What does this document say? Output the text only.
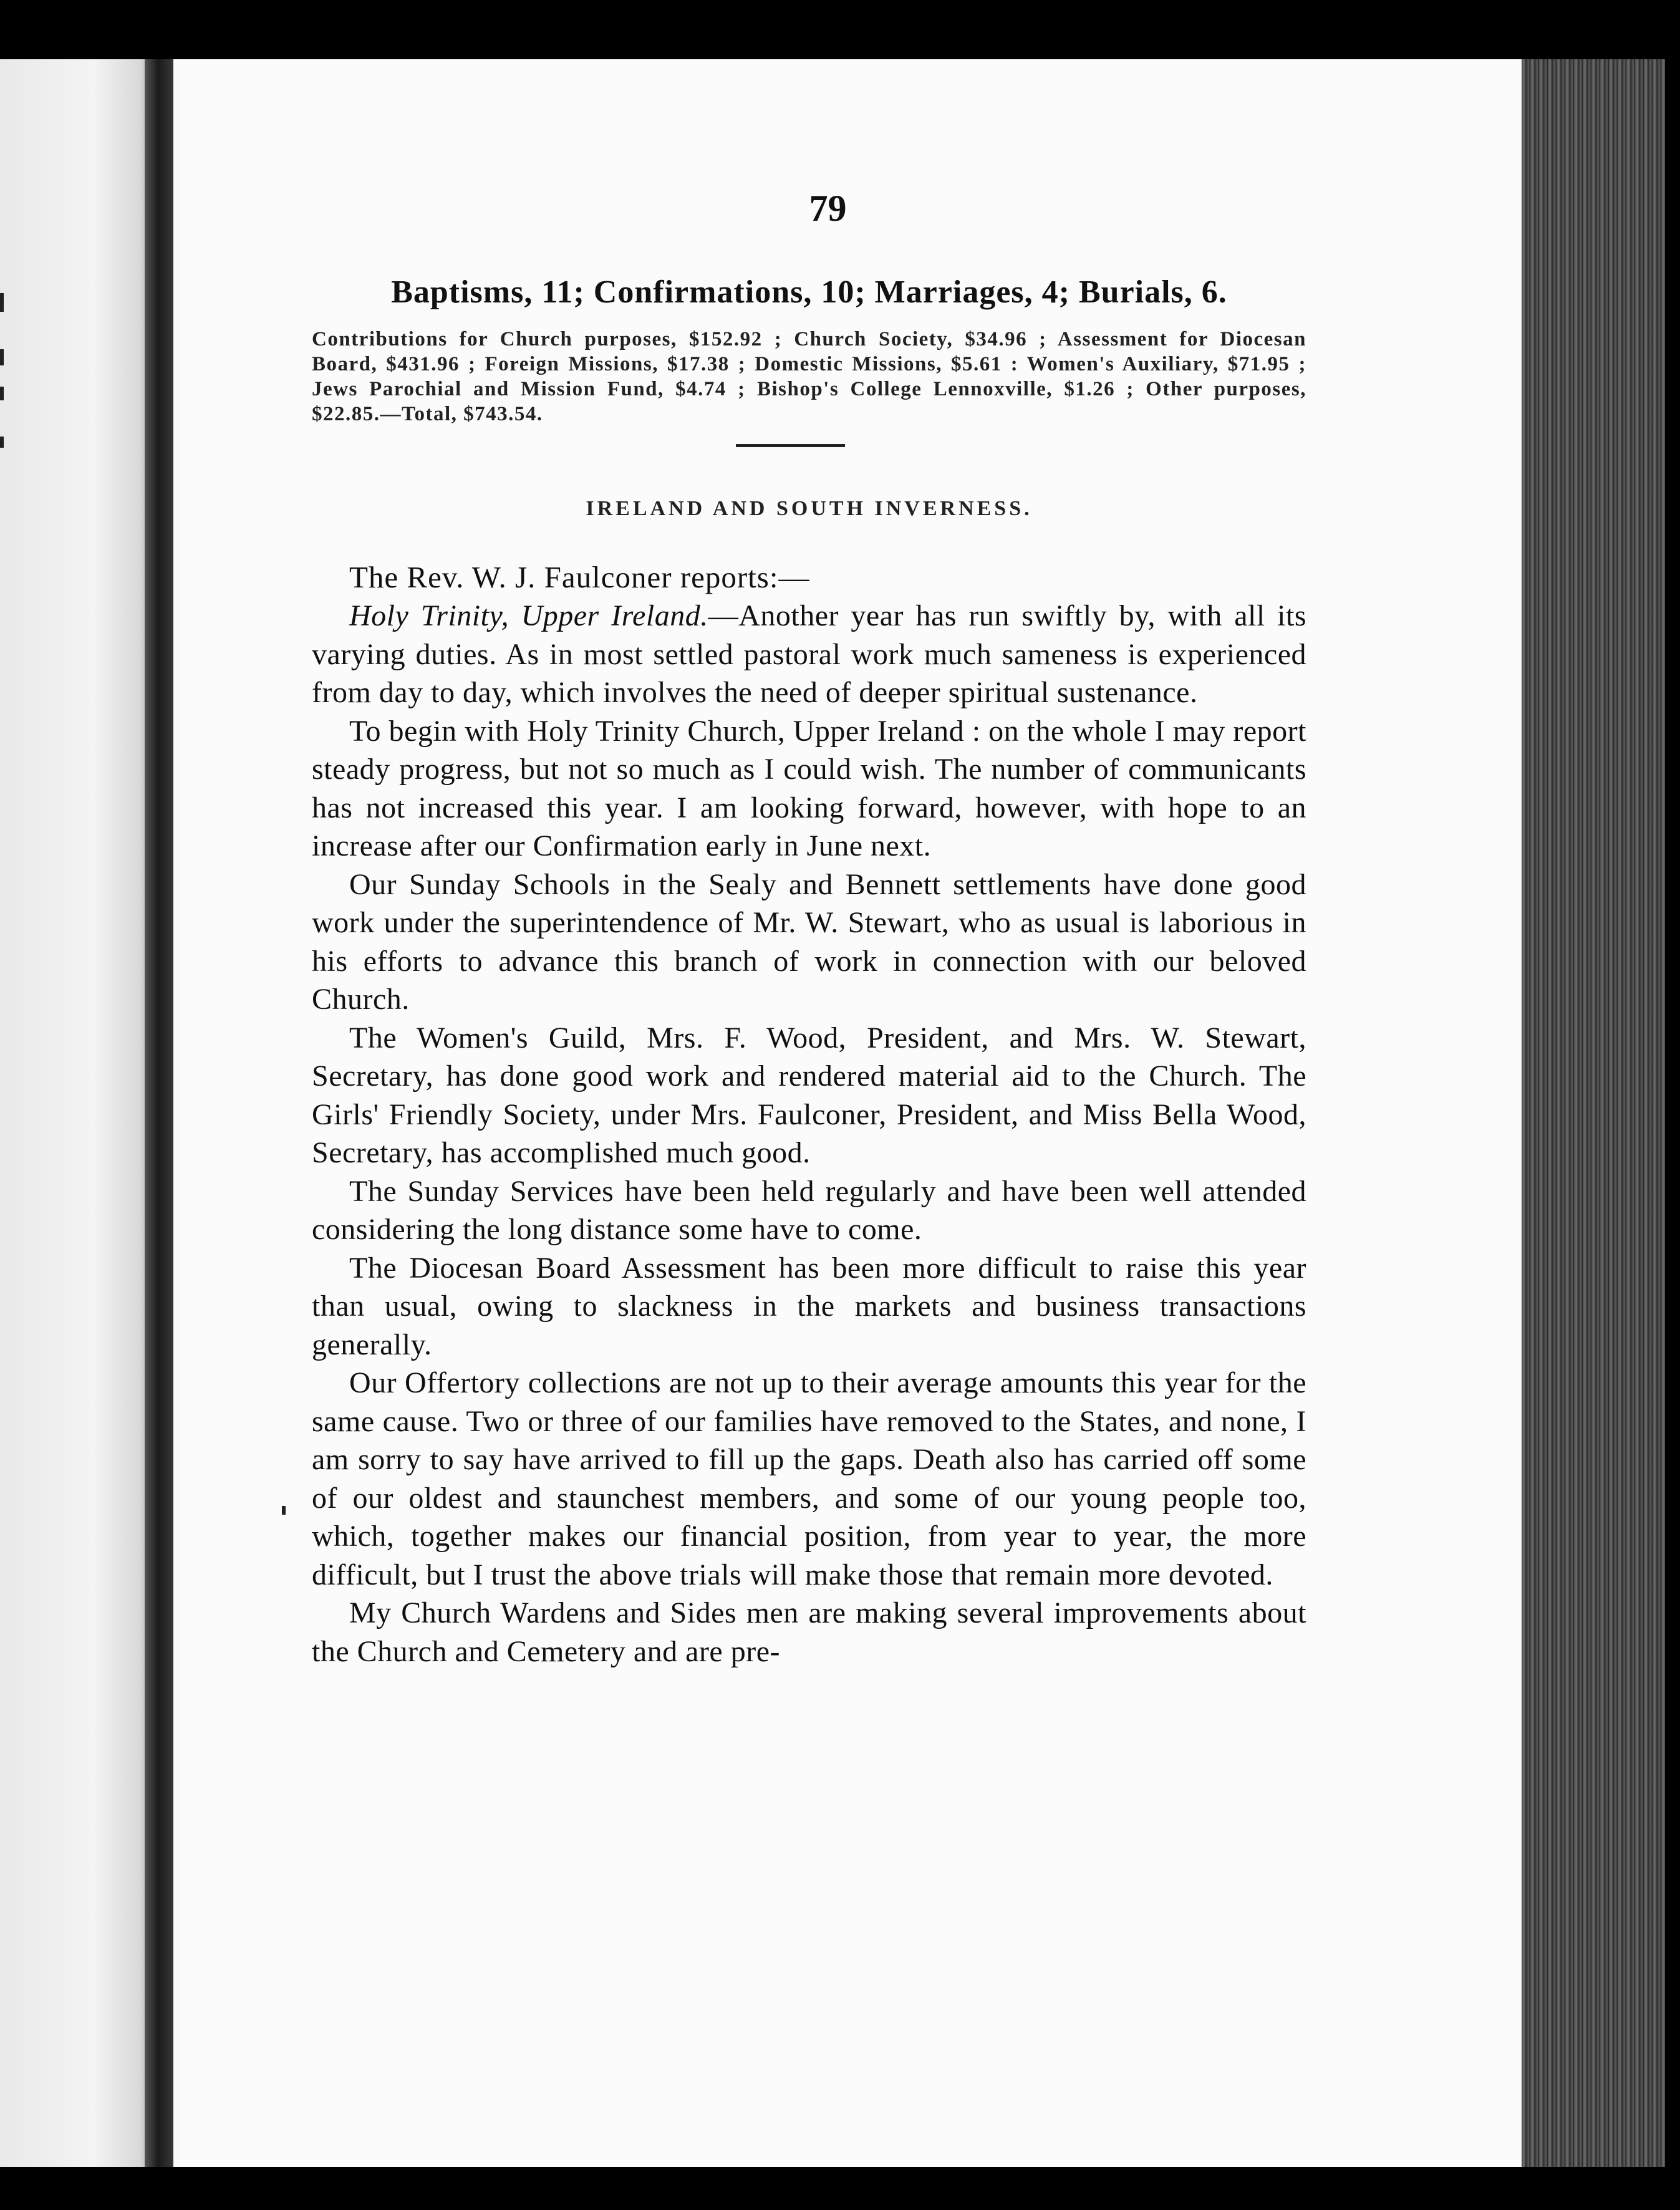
79
Baptisms, 11; Confirmations, 10; Marriages, 4; Burials, 6.

Contributions for Church purposes, $152.92 ; Church Society, $34.96 ; Assessment for Diocesan Board, $431.96 ; Foreign Missions, $17.38 ; Domestic Missions, $5.61 : Women's Auxiliary, $71.95 ; Jews Parochial and Mission Fund, $4.74 ; Bishop's College Lennoxville, $1.26 ; Other purposes, $22.85.—Total, $743.54.

IRELAND AND SOUTH INVERNESS.
The Rev. W. J. Faulconer reports:—

Holy Trinity, Upper Ireland.—Another year has run swiftly by, with all its varying duties. As in most settled pastoral work much sameness is experienced from day to day, which involves the need of deeper spiritual sustenance.

To begin with Holy Trinity Church, Upper Ireland : on the whole I may report steady progress, but not so much as I could wish. The number of communicants has not increased this year. I am looking forward, however, with hope to an increase after our Confirmation early in June next.

Our Sunday Schools in the Sealy and Bennett settlements have done good work under the superintendence of Mr. W. Stewart, who as usual is laborious in his efforts to advance this branch of work in connection with our beloved Church.

The Women's Guild, Mrs. F. Wood, President, and Mrs. W. Stewart, Secretary, has done good work and rendered material aid to the Church. The Girls' Friendly Society, under Mrs. Faulconer, President, and Miss Bella Wood, Secretary, has accomplished much good.

The Sunday Services have been held regularly and have been well attended considering the long distance some have to come.

The Diocesan Board Assessment has been more difficult to raise this year than usual, owing to slackness in the markets and business transactions generally.

Our Offertory collections are not up to their average amounts this year for the same cause. Two or three of our families have removed to the States, and none, I am sorry to say have arrived to fill up the gaps. Death also has carried off some of our oldest and staunchest members, and some of our young people too, which, together makes our financial position, from year to year, the more difficult, but I trust the above trials will make those that remain more devoted.

My Church Wardens and Sides men are making several improvements about the Church and Cemetery and are pre-
